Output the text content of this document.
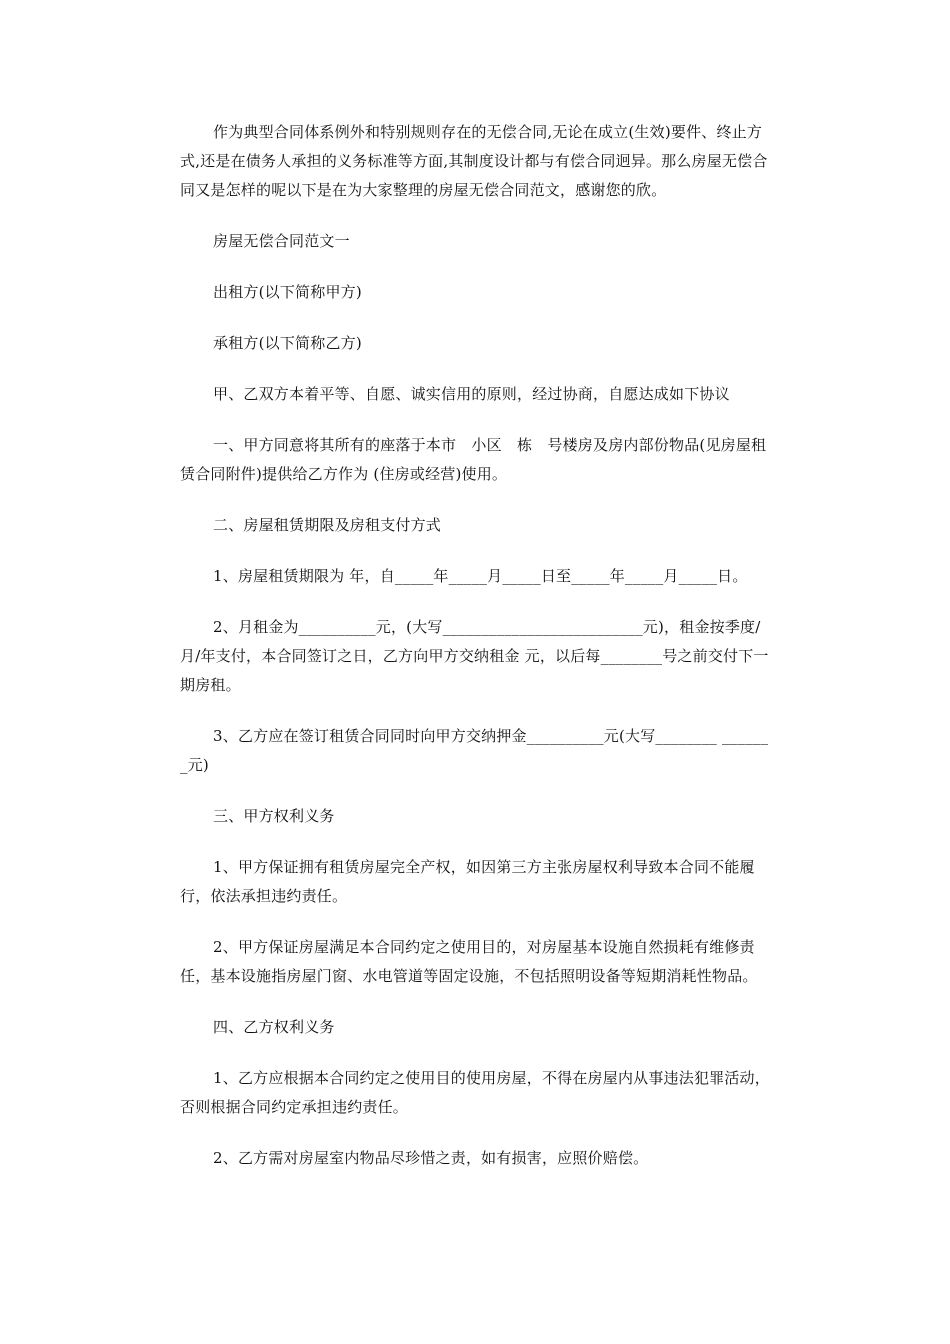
作为典型合同体系例外和特别规则存在的无偿合同,无论在成立(生效)要件、终止方式,还是在债务人承担的义务标准等方面,其制度设计都与有偿合同迥异。那么房屋无偿合同又是怎样的呢以下是在为大家整理的房屋无偿合同范文，感谢您的欣。

房屋无偿合同范文一

出租方(以下简称甲方)

承租方(以下简称乙方)

甲、乙双方本着平等、自愿、诚实信用的原则，经过协商，自愿达成如下协议

一、甲方同意将其所有的座落于本市　小区　栋　号楼房及房内部份物品(见房屋租赁合同附件)提供给乙方作为 (住房或经营)使用。

二、房屋租赁期限及房租支付方式

1、房屋租赁期限为 年，自_____年_____月_____日至_____年_____月_____日。

2、月租金为__________元，(大写__________________________元)，租金按季度/月/年支付，本合同签订之日，乙方向甲方交纳租金 元，以后每________号之前交付下一期房租。

3、乙方应在签订租赁合同同时向甲方交纳押金__________元(大写________ _______元)

三、甲方权利义务

1、甲方保证拥有租赁房屋完全产权，如因第三方主张房屋权利导致本合同不能履行，依法承担违约责任。

2、甲方保证房屋满足本合同约定之使用目的，对房屋基本设施自然损耗有维修责任，基本设施指房屋门窗、水电管道等固定设施，不包括照明设备等短期消耗性物品。

四、乙方权利义务

1、乙方应根据本合同约定之使用目的使用房屋，不得在房屋内从事违法犯罪活动，否则根据合同约定承担违约责任。

2、乙方需对房屋室内物品尽珍惜之责，如有损害，应照价赔偿。
